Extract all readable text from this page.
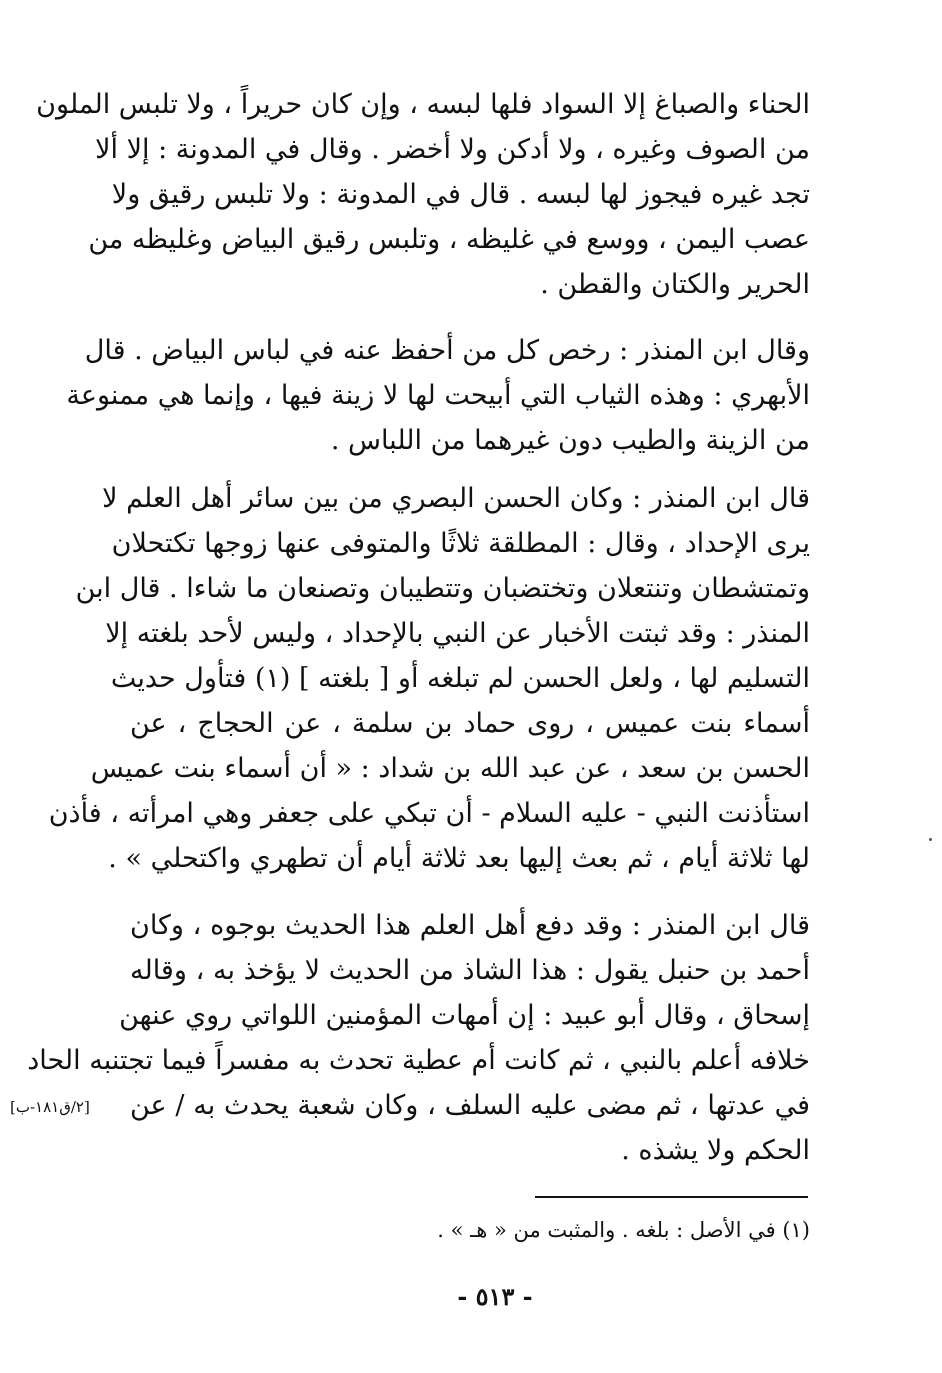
الحناء والصباغ إلا السواد فلها لبسه ، وإن كان حريراً ، ولا تلبس الملون
من الصوف وغيره ، ولا أدكن ولا أخضر . وقال في المدونة : إلا ألا
تجد غيره فيجوز لها لبسه . قال في المدونة : ولا تلبس رقيق ولا
عصب اليمن ، ووسع في غليظه ، وتلبس رقيق البياض وغليظه من
الحرير والكتان والقطن .
وقال ابن المنذر : رخص كل من أحفظ عنه في لباس البياض . قال
الأبهري : وهذه الثياب التي أبيحت لها لا زينة فيها ، وإنما هي ممنوعة
من الزينة والطيب دون غيرهما من اللباس .
قال ابن المنذر : وكان الحسن البصري من بين سائر أهل العلم لا
يرى الإحداد ، وقال : المطلقة ثلاثًا والمتوفى عنها زوجها تكتحلان
وتمتشطان وتنتعلان وتختضبان وتتطيبان وتصنعان ما شاءا . قال ابن
المنذر : وقد ثبتت الأخبار عن النبي بالإحداد ، وليس لأحد بلغته إلا
التسليم لها ، ولعل الحسن لم تبلغه أو [ بلغته ] (١) فتأول حديث
أسماء بنت عميس ، روى حماد بن سلمة ، عن الحجاج ، عن
الحسن بن سعد ، عن عبد الله بن شداد : « أن أسماء بنت عميس
استأذنت النبي - عليه السلام - أن تبكي على جعفر وهي امرأته ، فأذن
لها ثلاثة أيام ، ثم بعث إليها بعد ثلاثة أيام أن تطهري واكتحلي » .
قال ابن المنذر : وقد دفع أهل العلم هذا الحديث بوجوه ، وكان
أحمد بن حنبل يقول : هذا الشاذ من الحديث لا يؤخذ به ، وقاله
إسحاق ، وقال أبو عبيد : إن أمهات المؤمنين اللواتي روي عنهن
خلافه أعلم بالنبي ، ثم كانت أم عطية تحدث به مفسراً فيما تجتنبه الحاد
في عدتها ، ثم مضى عليه السلف ، وكان شعبة يحدث به / عن
الحكم ولا يشذه .
[٢/ق١٨١-ب]
(١) في الأصل : بلغه . والمثبت من « هـ » .
- ٥١٣ -
